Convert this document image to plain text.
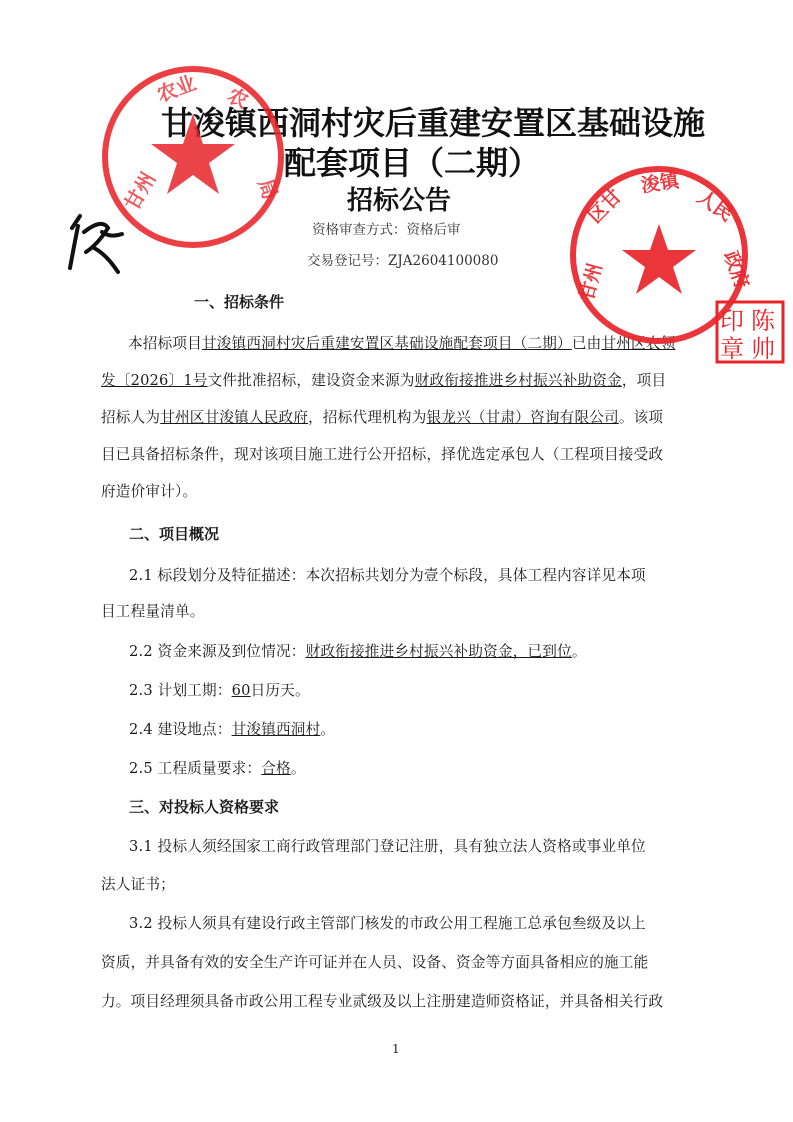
甘浚镇西洞村灾后重建安置区基础设施
配套项目（二期）
招标公告
资格审查方式：资格后审
交易登记号：ZJA2604100080
一、招标条件
本招标项目甘浚镇西洞村灾后重建安置区基础设施配套项目（二期）已由甘州区农领
发〔2026〕1号文件批准招标，建设资金来源为财政衔接推进乡村振兴补助资金，项目
招标人为甘州区甘浚镇人民政府，招标代理机构为银龙兴（甘肃）咨询有限公司。该项
目已具备招标条件，现对该项目施工进行公开招标，择优选定承包人（工程项目接受政
府造价审计）。
二、项目概况
2.1 标段划分及特征描述：本次招标共划分为壹个标段，具体工程内容详见本项
目工程量清单。
2.2 资金来源及到位情况：财政衔接推进乡村振兴补助资金，已到位。
2.3 计划工期：60日历天。
2.4 建设地点：甘浚镇西洞村。
2.5 工程质量要求：合格。
三、对投标人资格要求
3.1 投标人须经国家工商行政管理部门登记注册，具有独立法人资格或事业单位
法人证书；
3.2 投标人须具有建设行政主管部门核发的市政公用工程施工总承包叁级及以上
资质，并具备有效的安全生产许可证并在人员、设备、资金等方面具备相应的施工能
力。项目经理须具备市政公用工程专业贰级及以上注册建造师资格证，并具备相关行政
1
甘州
农业 农
局
甘州
区甘
浚镇
人民
政府
陈
帅
印
章
